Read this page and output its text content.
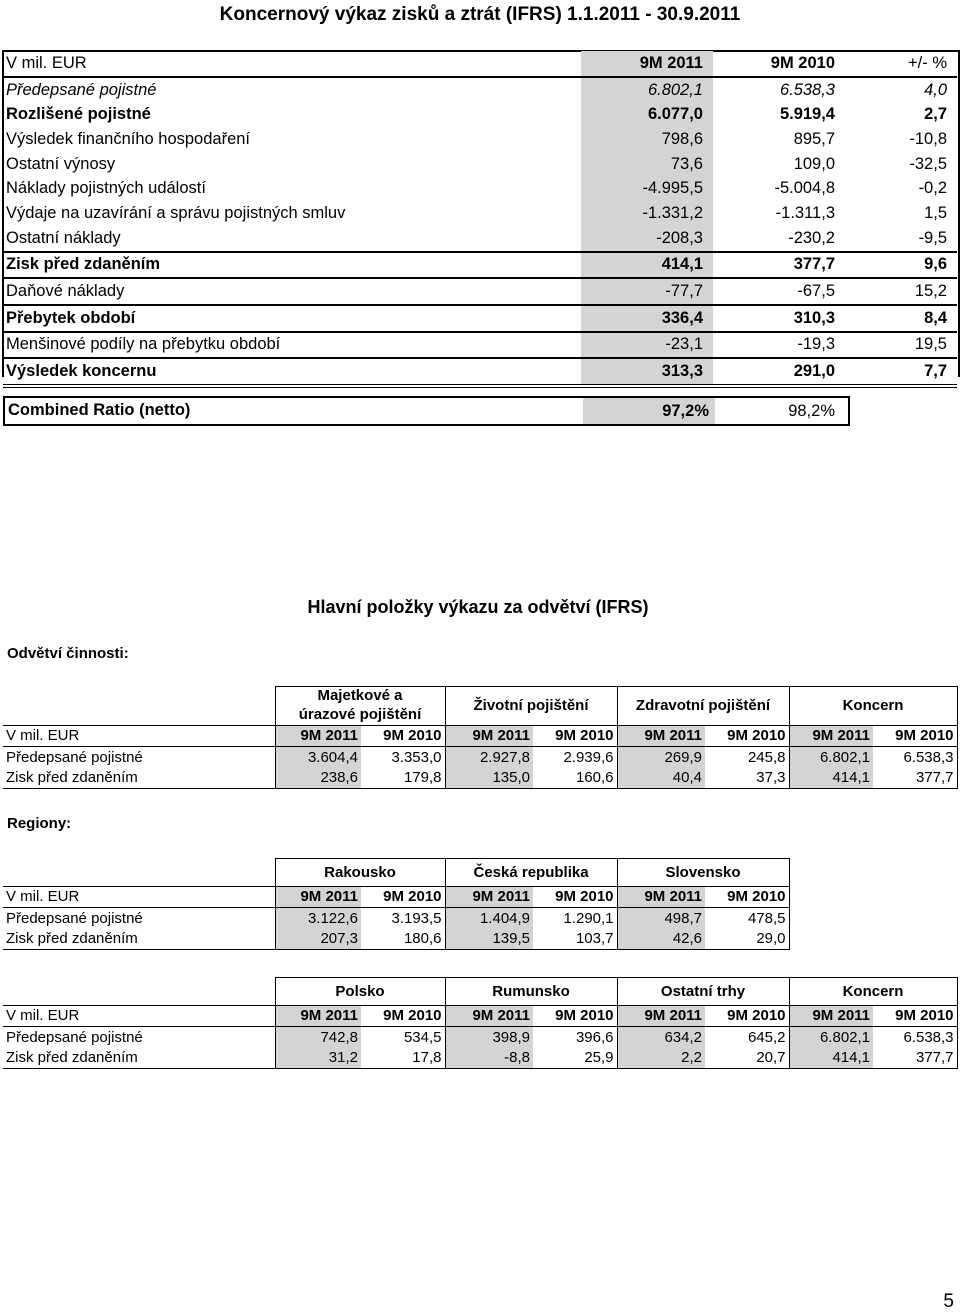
Koncernový výkaz zisků a ztrát (IFRS) 1.1.2011 - 30.9.2011
V mil. EUR	9M 2011	9M 2010	+/- %
Předepsané pojistné	6.802,1	6.538,3	4,0
Rozlišené pojistné	6.077,0	5.919,4	2,7
Výsledek finančního hospodaření	798,6	895,7	-10,8
Ostatní výnosy	73,6	109,0	-32,5
Náklady pojistných událostí	-4.995,5	-5.004,8	-0,2
Výdaje na uzavírání a správu pojistných smluv	-1.331,2	-1.311,3	1,5
Ostatní náklady	-208,3	-230,2	-9,5
Zisk před zdaněním	414,1	377,7	9,6
Daňové náklady	-77,7	-67,5	15,2
Přebytek období	336,4	310,3	8,4
Menšinové podíly na přebytku období	-23,1	-19,3	19,5
Výsledek koncernu	313,3	291,0	7,7
Combined Ratio (netto)	97,2%	98,2%
Hlavní položky výkazu za odvětví (IFRS)
Odvětví činnosti:

	Majetkové a
úrazové pojištění		Životní pojištění		Zdravotní pojištění		Koncern	
V mil. EUR	9M 2011	9M 2010	9M 2011	9M 2010	9M 2011	9M 2010	9M 2011	9M 2010
Předepsané pojistné	3.604,4	3.353,0	2.927,8	2.939,6	269,9	245,8	6.802,1	6.538,3
Zisk před zdaněním	238,6	179,8	135,0	160,6	40,4	37,3	414,1	377,7
Regiony:
	Rakousko		Česká republika		Slovensko	
V mil. EUR	9M 2011	9M 2010	9M 2011	9M 2010	9M 2011	9M 2010
Předepsané pojistné	3.122,6	3.193,5	1.404,9	1.290,1	498,7	478,5
Zisk před zdaněním	207,3	180,6	139,5	103,7	42,6	29,0
	Polsko		Rumunsko		Ostatní trhy		Koncern	
V mil. EUR	9M 2011	9M 2010	9M 2011	9M 2010	9M 2011	9M 2010	9M 2011	9M 2010
Předepsané pojistné	742,8	534,5	398,9	396,6	634,2	645,2	6.802,1	6.538,3
Zisk před zdaněním	31,2	17,8	-8,8	25,9	2,2	20,7	414,1	377,7
5
